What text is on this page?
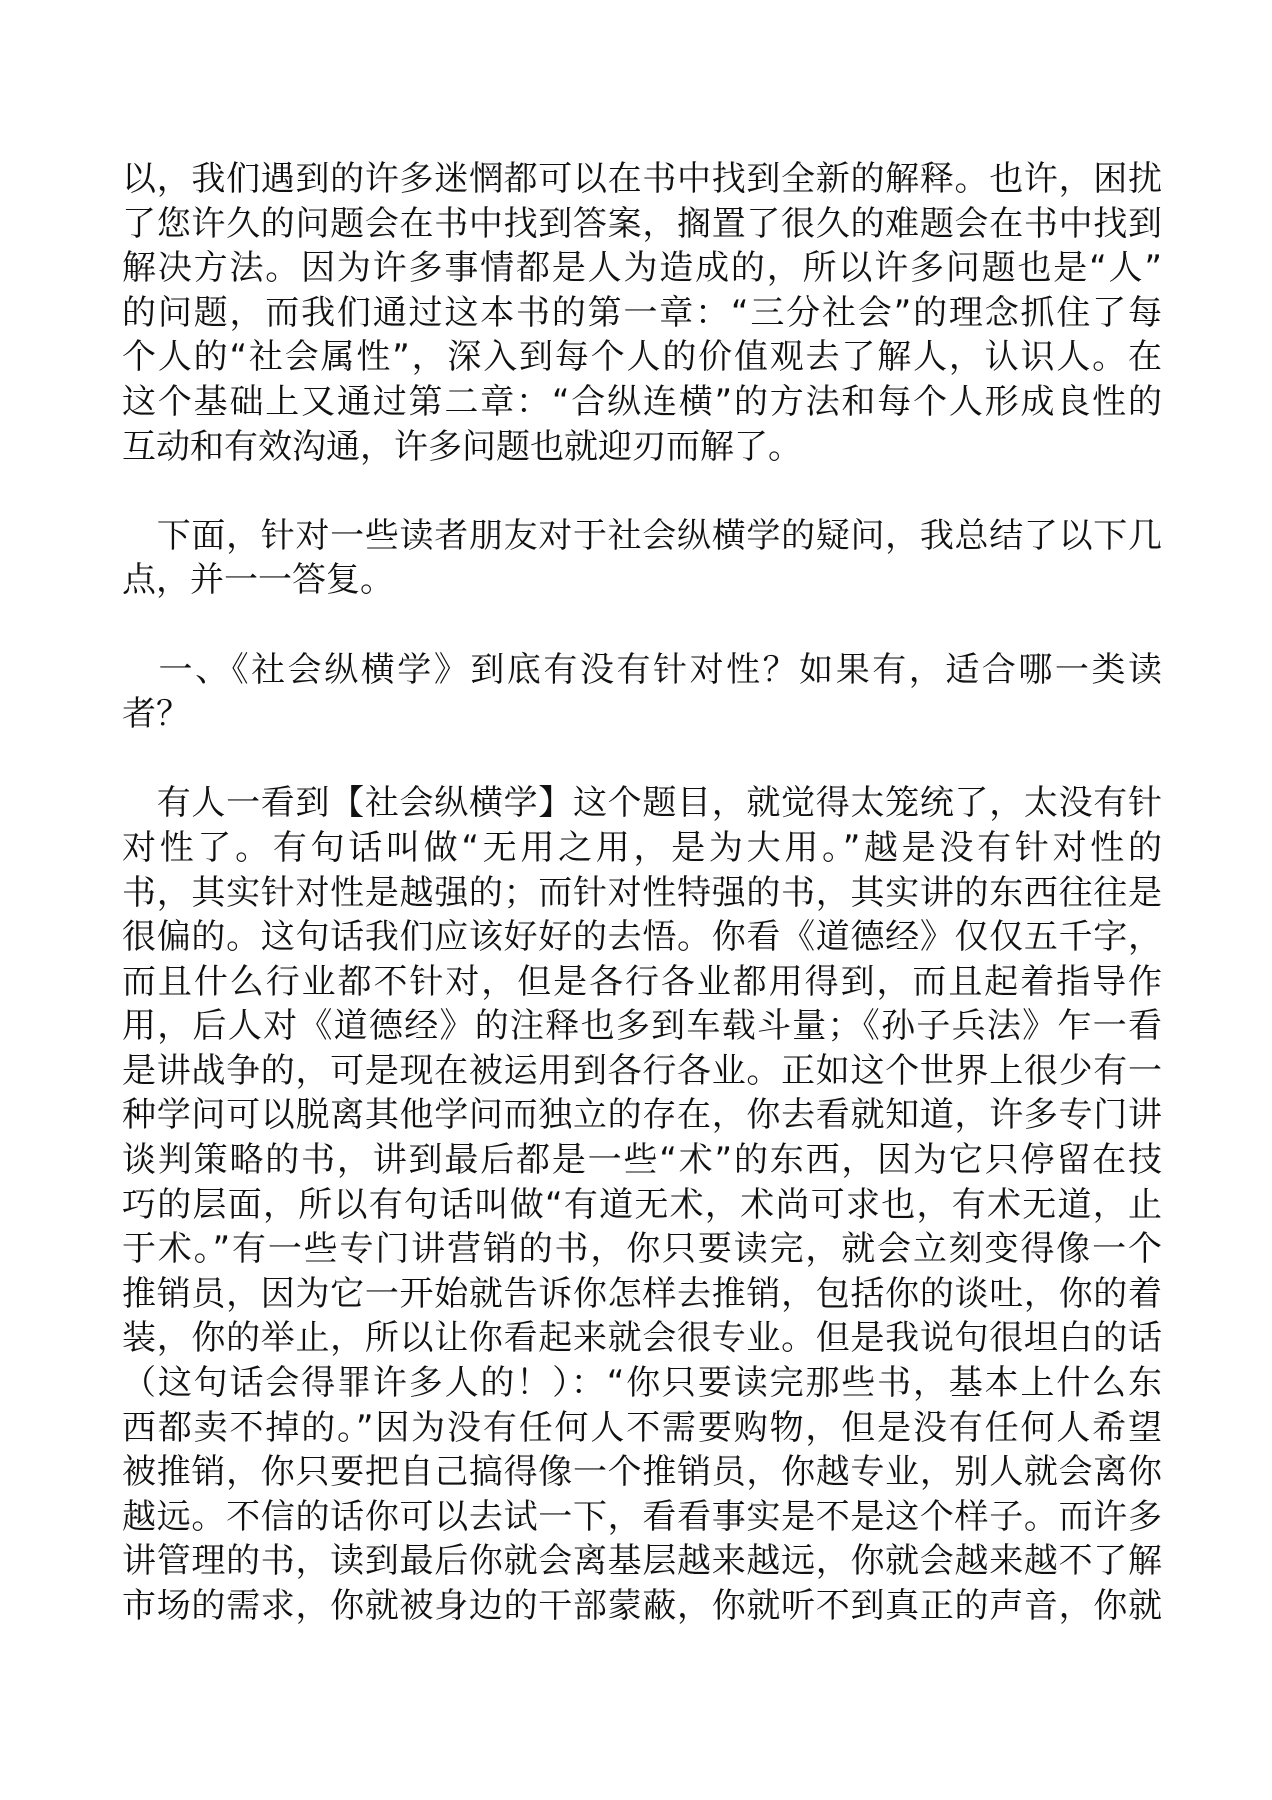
以，我们遇到的许多迷惘都可以在书中找到全新的解释。也许，困扰
了您许久的问题会在书中找到答案，搁置了很久的难题会在书中找到
解决方法。因为许多事情都是人为造成的，所以许多问题也是“人”
的问题，而我们通过这本书的第一章：“三分社会”的理念抓住了每
个人的“社会属性”，深入到每个人的价值观去了解人，认识人。在
这个基础上又通过第二章：“合纵连横”的方法和每个人形成良性的
互动和有效沟通，许多问题也就迎刃而解了。
　下面，针对一些读者朋友对于社会纵横学的疑问，我总结了以下几
点，并一一答复。
　一、《社会纵横学》到底有没有针对性？如果有，适合哪一类读
者？
　有人一看到【社会纵横学】这个题目，就觉得太笼统了，太没有针
对性了。有句话叫做“无用之用，是为大用。”越是没有针对性的
书，其实针对性是越强的；而针对性特强的书，其实讲的东西往往是
很偏的。这句话我们应该好好的去悟。你看《道德经》仅仅五千字，
而且什么行业都不针对，但是各行各业都用得到，而且起着指导作
用，后人对《道德经》的注释也多到车载斗量；《孙子兵法》乍一看
是讲战争的，可是现在被运用到各行各业。正如这个世界上很少有一
种学问可以脱离其他学问而独立的存在，你去看就知道，许多专门讲
谈判策略的书，讲到最后都是一些“术”的东西，因为它只停留在技
巧的层面，所以有句话叫做“有道无术，术尚可求也，有术无道，止
于术。”有一些专门讲营销的书，你只要读完，就会立刻变得像一个
推销员，因为它一开始就告诉你怎样去推销，包括你的谈吐，你的着
装，你的举止，所以让你看起来就会很专业。但是我说句很坦白的话
（这句话会得罪许多人的！）：“你只要读完那些书，基本上什么东
西都卖不掉的。”因为没有任何人不需要购物，但是没有任何人希望
被推销，你只要把自己搞得像一个推销员，你越专业，别人就会离你
越远。不信的话你可以去试一下，看看事实是不是这个样子。而许多
讲管理的书，读到最后你就会离基层越来越远，你就会越来越不了解
市场的需求，你就被身边的干部蒙蔽，你就听不到真正的声音，你就
